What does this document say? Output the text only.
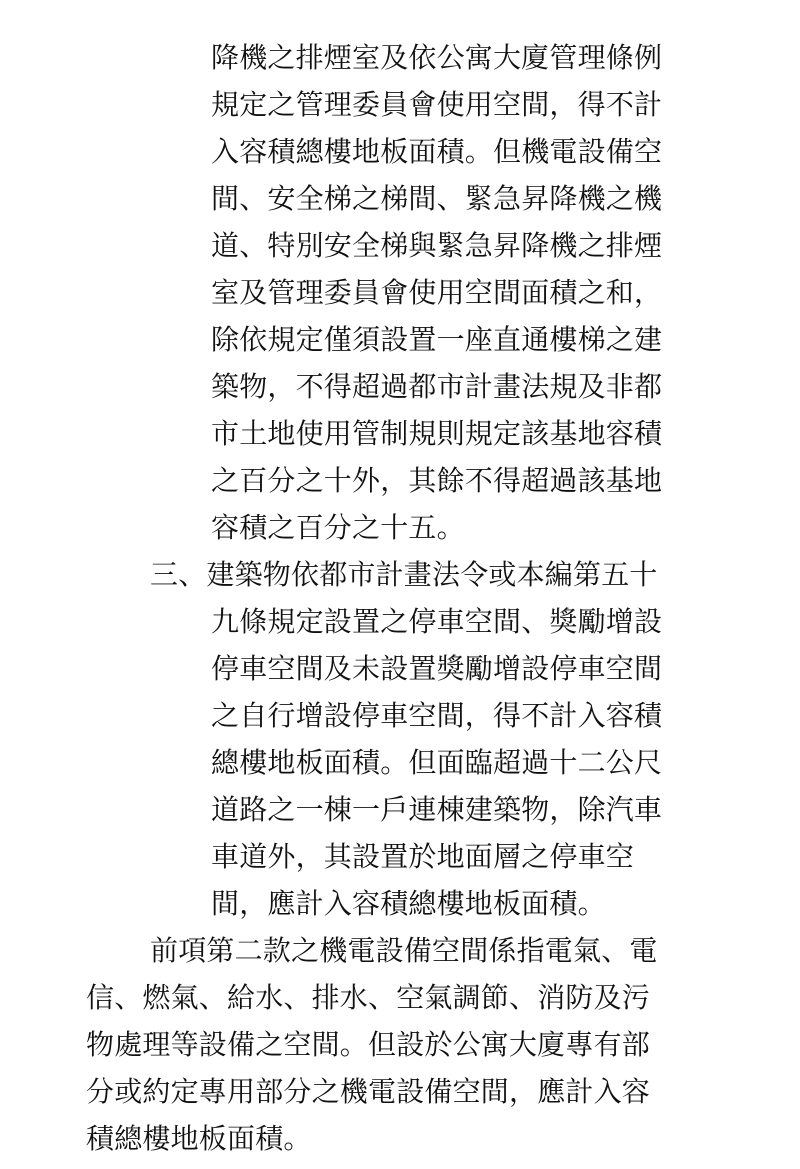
降機之排煙室及依公寓大廈管理條例
規定之管理委員會使用空間，得不計
入容積總樓地板面積。但機電設備空
間、安全梯之梯間、緊急昇降機之機
道、特別安全梯與緊急昇降機之排煙
室及管理委員會使用空間面積之和，
除依規定僅須設置一座直通樓梯之建
築物，不得超過都市計畫法規及非都
市土地使用管制規則規定該基地容積
之百分之十外，其餘不得超過該基地
容積之百分之十五。
三、建築物依都市計畫法令或本編第五十
九條規定設置之停車空間、獎勵增設
停車空間及未設置獎勵增設停車空間
之自行增設停車空間，得不計入容積
總樓地板面積。但面臨超過十二公尺
道路之一棟一戶連棟建築物，除汽車
車道外，其設置於地面層之停車空
間，應計入容積總樓地板面積。
前項第二款之機電設備空間係指電氣、電
信、燃氣、給水、排水、空氣調節、消防及污
物處理等設備之空間。但設於公寓大廈專有部
分或約定專用部分之機電設備空間，應計入容
積總樓地板面積。
